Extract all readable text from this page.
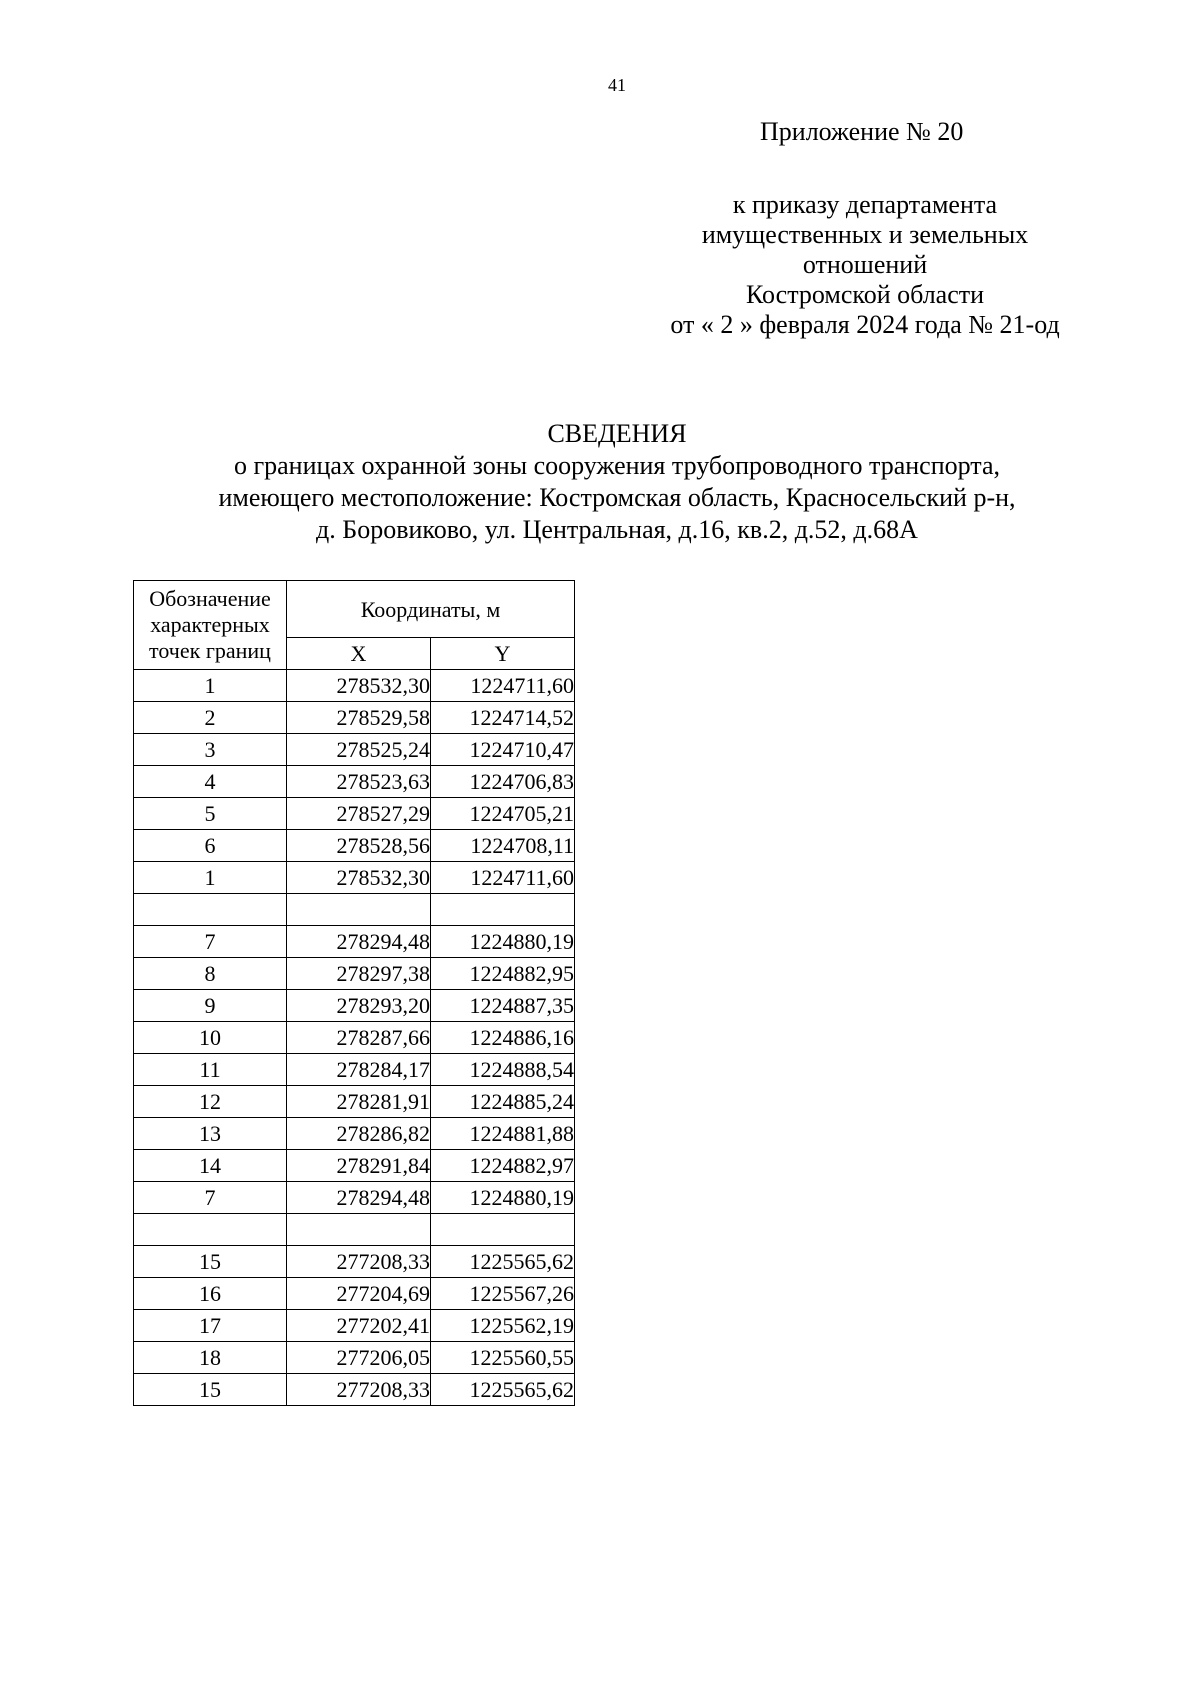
41
Приложение № 20
к приказу департамента
имущественных и земельных
отношений
Костромской области
от « 2 » февраля 2024 года № 21-од
СВЕДЕНИЯ
о границах охранной зоны сооружения трубопроводного транспорта,
имеющего местоположение: Костромская область, Красносельский р-н,
д. Боровиково, ул. Центральная, д.16, кв.2, д.52, д.68А
Обозначение характерных точек границ	Координаты, м	
	X	Y
1	278532,30	1224711,60
2	278529,58	1224714,52
3	278525,24	1224710,47
4	278523,63	1224706,83
5	278527,29	1224705,21
6	278528,56	1224708,11
1	278532,30	1224711,60

7	278294,48	1224880,19
8	278297,38	1224882,95
9	278293,20	1224887,35
10	278287,66	1224886,16
11	278284,17	1224888,54
12	278281,91	1224885,24
13	278286,82	1224881,88
14	278291,84	1224882,97
7	278294,48	1224880,19

15	277208,33	1225565,62
16	277204,69	1225567,26
17	277202,41	1225562,19
18	277206,05	1225560,55
15	277208,33	1225565,62
